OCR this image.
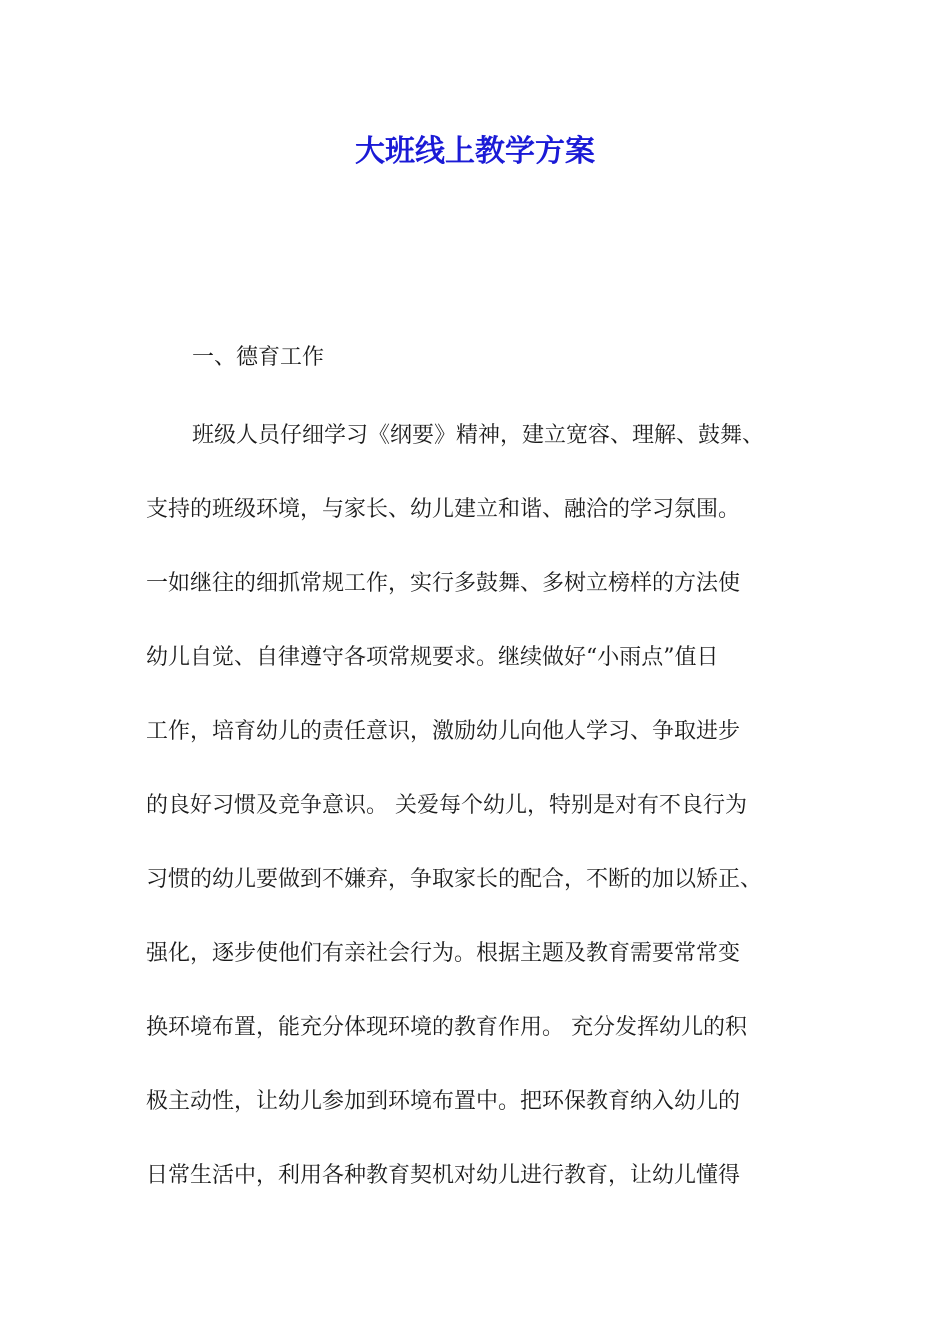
大班线上教学方案

一、德育工作

班级人员仔细学习《纲要》精神，建立宽容、理解、鼓舞、

支持的班级环境，与家长、幼儿建立和谐、融洽的学习氛围。

一如继往的细抓常规工作，实行多鼓舞、多树立榜样的方法使

幼儿自觉、自律遵守各项常规要求。继续做好“小雨点”值日

工作，培育幼儿的责任意识，激励幼儿向他人学习、争取进步

的良好习惯及竞争意识。 关爱每个幼儿，特别是对有不良行为

习惯的幼儿要做到不嫌弃，争取家长的配合，不断的加以矫正、

强化，逐步使他们有亲社会行为。根据主题及教育需要常常变

换环境布置，能充分体现环境的教育作用。 充分发挥幼儿的积

极主动性，让幼儿参加到环境布置中。把环保教育纳入幼儿的

日常生活中，利用各种教育契机对幼儿进行教育，让幼儿懂得
